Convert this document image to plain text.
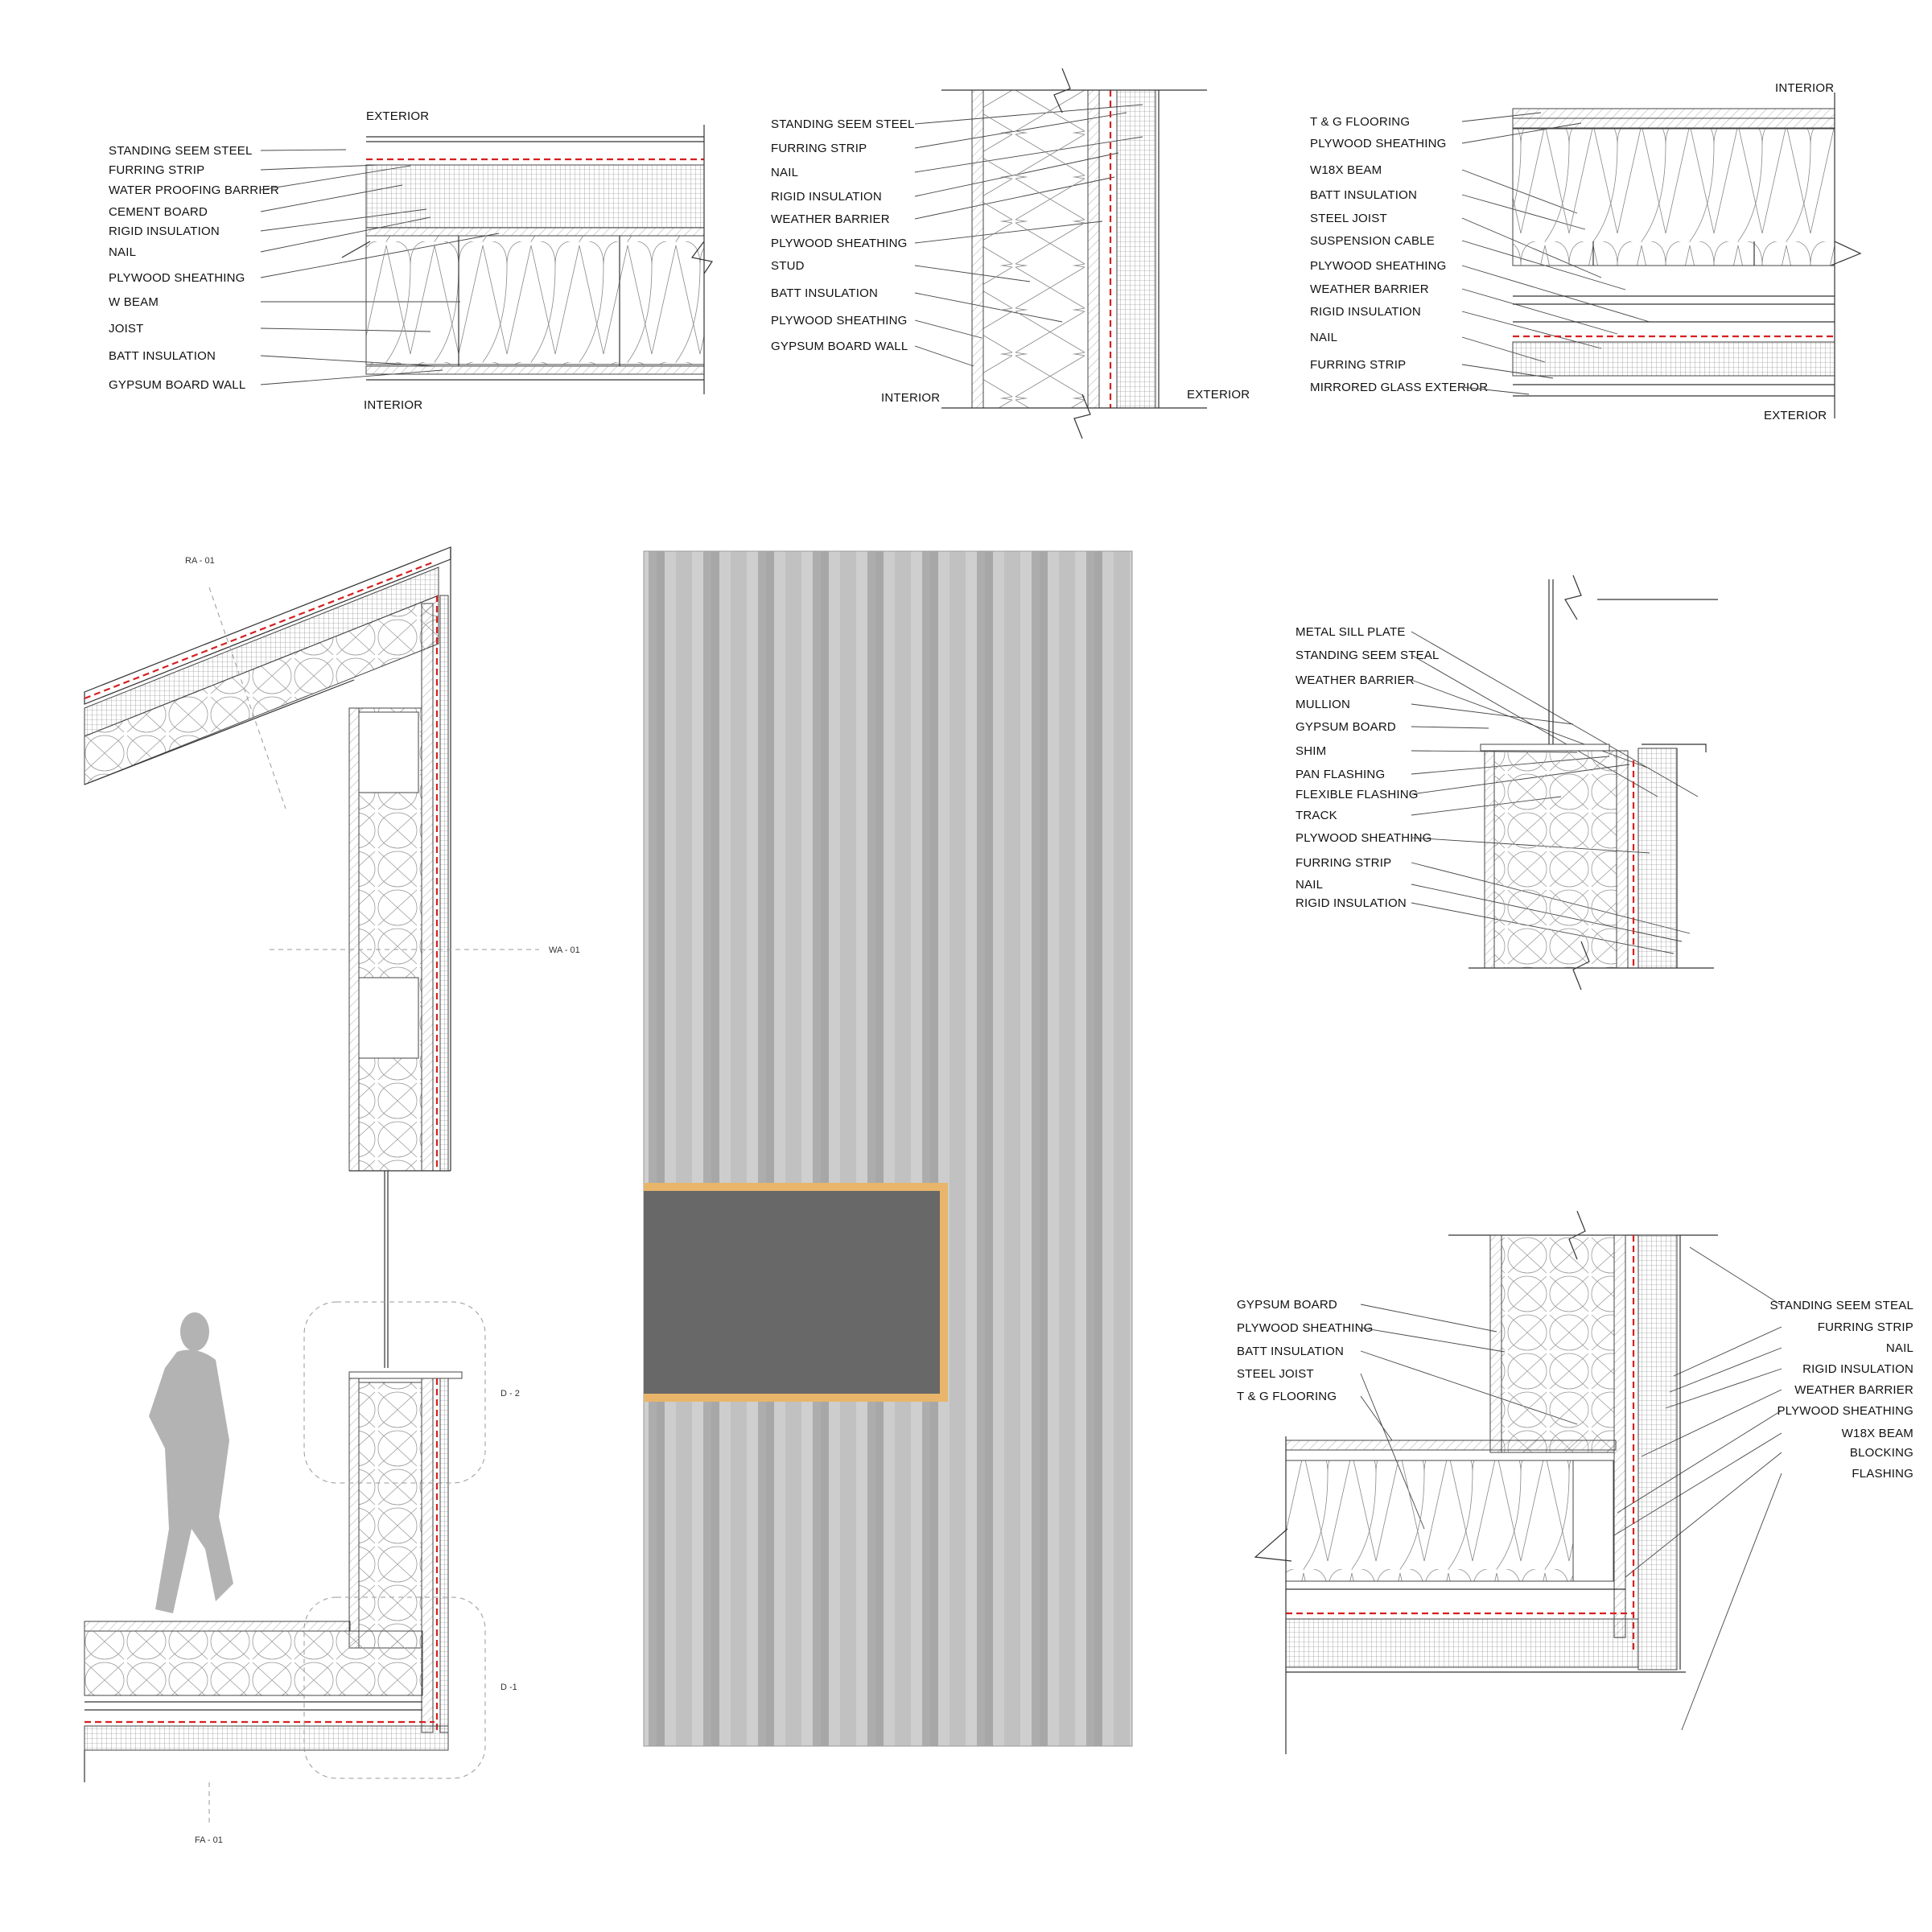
EXTERIOR
INTERIOR
STANDING SEEM STEEL
FURRING STRIP
WATER PROOFING BARRIER
CEMENT BOARD
RIGID INSULATION
NAIL
PLYWOOD SHEATHING
W BEAM
JOIST
BATT INSULATION
GYPSUM BOARD WALL
INTERIOR	EXTERIOR
STANDING SEEM STEEL
FURRING STRIP
NAIL
RIGID INSULATION
WEATHER BARRIER
PLYWOOD SHEATHING
STUD
BATT INSULATION
PLYWOOD SHEATHING
GYPSUM BOARD WALL
INTERIOR
EXTERIOR
T & G FLOORING
PLYWOOD SHEATHING
W18X BEAM
BATT INSULATION
STEEL JOIST
SUSPENSION CABLE
PLYWOOD SHEATHING
WEATHER BARRIER
RIGID INSULATION
NAIL
FURRING STRIP
MIRRORED GLASS EXTERIOR
RA - 01
WA - 01
D - 2
D -1
FA - 01
METAL SILL PLATE
STANDING SEEM STEAL
WEATHER BARRIER
MULLION
GYPSUM BOARD
SHIM
PAN FLASHING
FLEXIBLE FLASHING
TRACK
PLYWOOD SHEATHING
FURRING STRIP
NAIL
RIGID INSULATION
GYPSUM BOARD
PLYWOOD SHEATHING
BATT INSULATION
STEEL JOIST
T & G FLOORING
STANDING SEEM STEAL
FURRING STRIP
NAIL
RIGID INSULATION
WEATHER BARRIER
PLYWOOD SHEATHING
W18X BEAM
BLOCKING
FLASHING
